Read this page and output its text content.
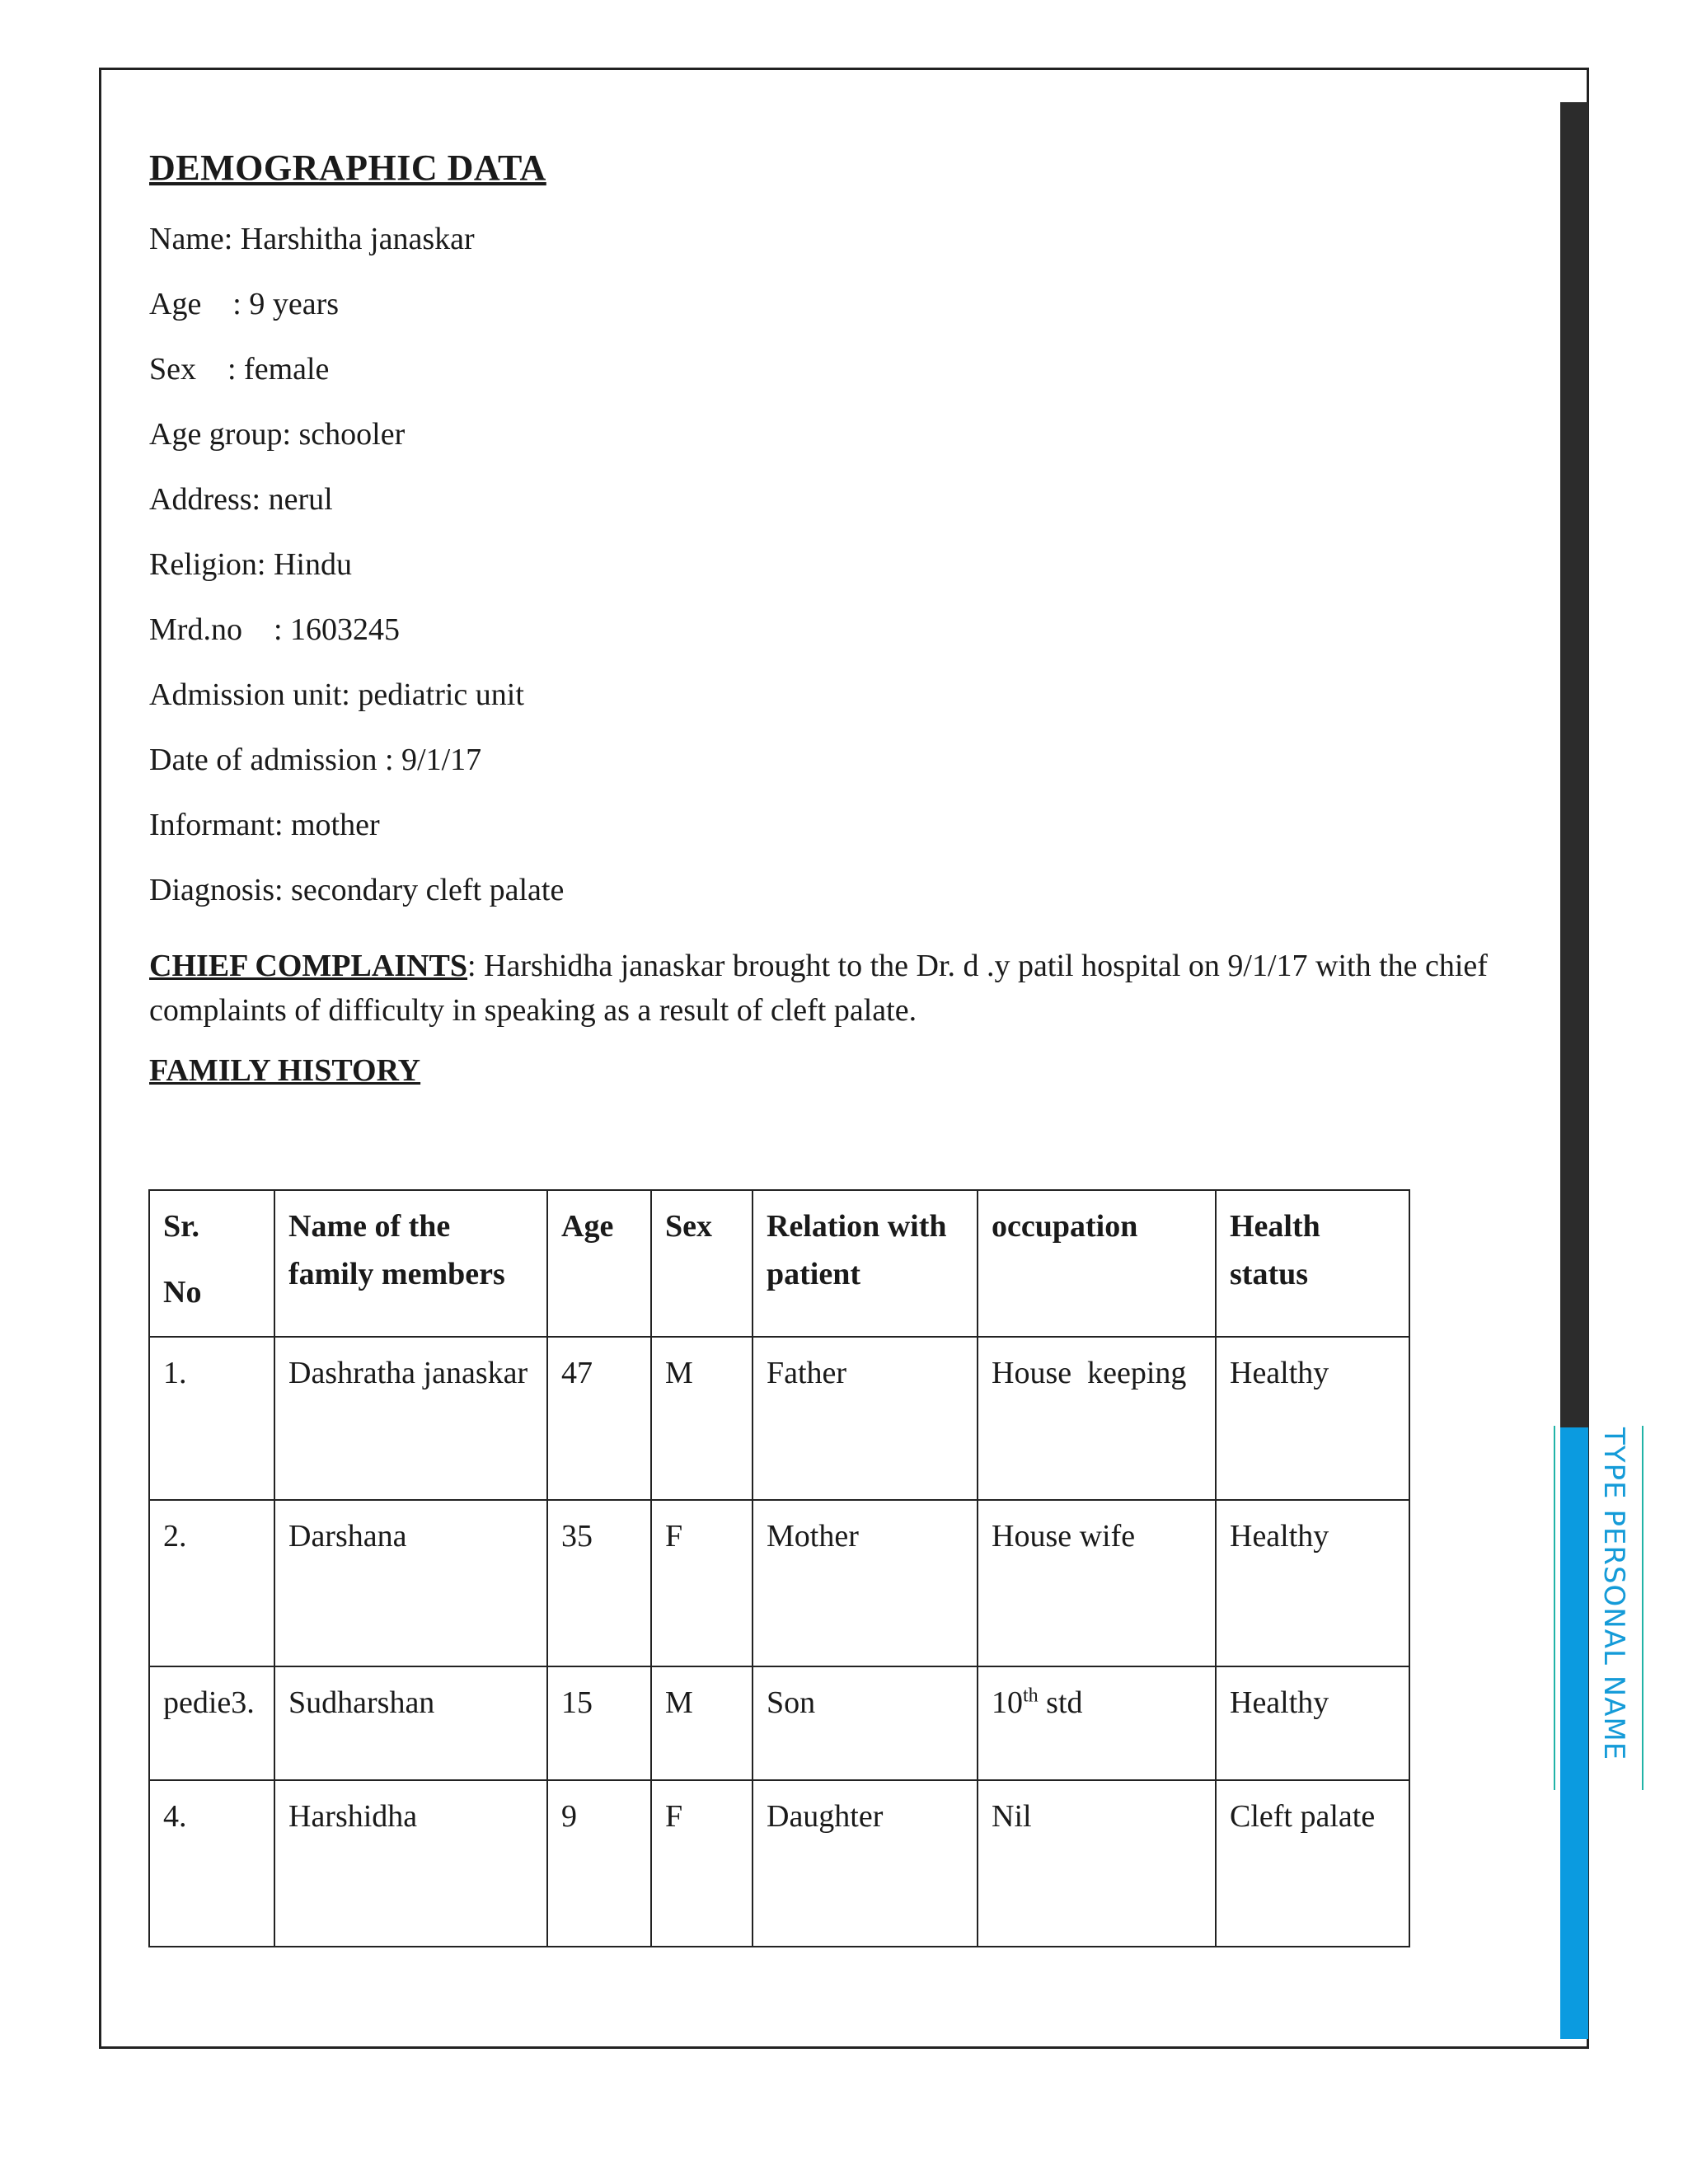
TYPE PERSONAL NAME
DEMOGRAPHIC DATA
Name: Harshitha janaskar
Age    : 9 years
Sex    : female
Age group: schooler
Address: nerul
Religion: Hindu
Mrd.no    : 1603245
Admission unit: pediatric unit
Date of admission : 9/1/17
Informant: mother
Diagnosis: secondary cleft palate
CHIEF COMPLAINTS: Harshidha janaskar brought to the Dr. d .y patil hospital on 9/1/17 with the chief complaints of difficulty in speaking as a result of cleft palate.
FAMILY HISTORY
Sr.
No	Name of the family members	Age	Sex	Relation with patient	occupation	Health status
1.	Dashratha janaskar	47	M	Father	House  keeping	Healthy
2.	Darshana	35	F	Mother	House wife	Healthy
pedie3.	Sudharshan	15	M	Son	10th std	Healthy
4.	Harshidha	9	F	Daughter	Nil	Cleft palate
